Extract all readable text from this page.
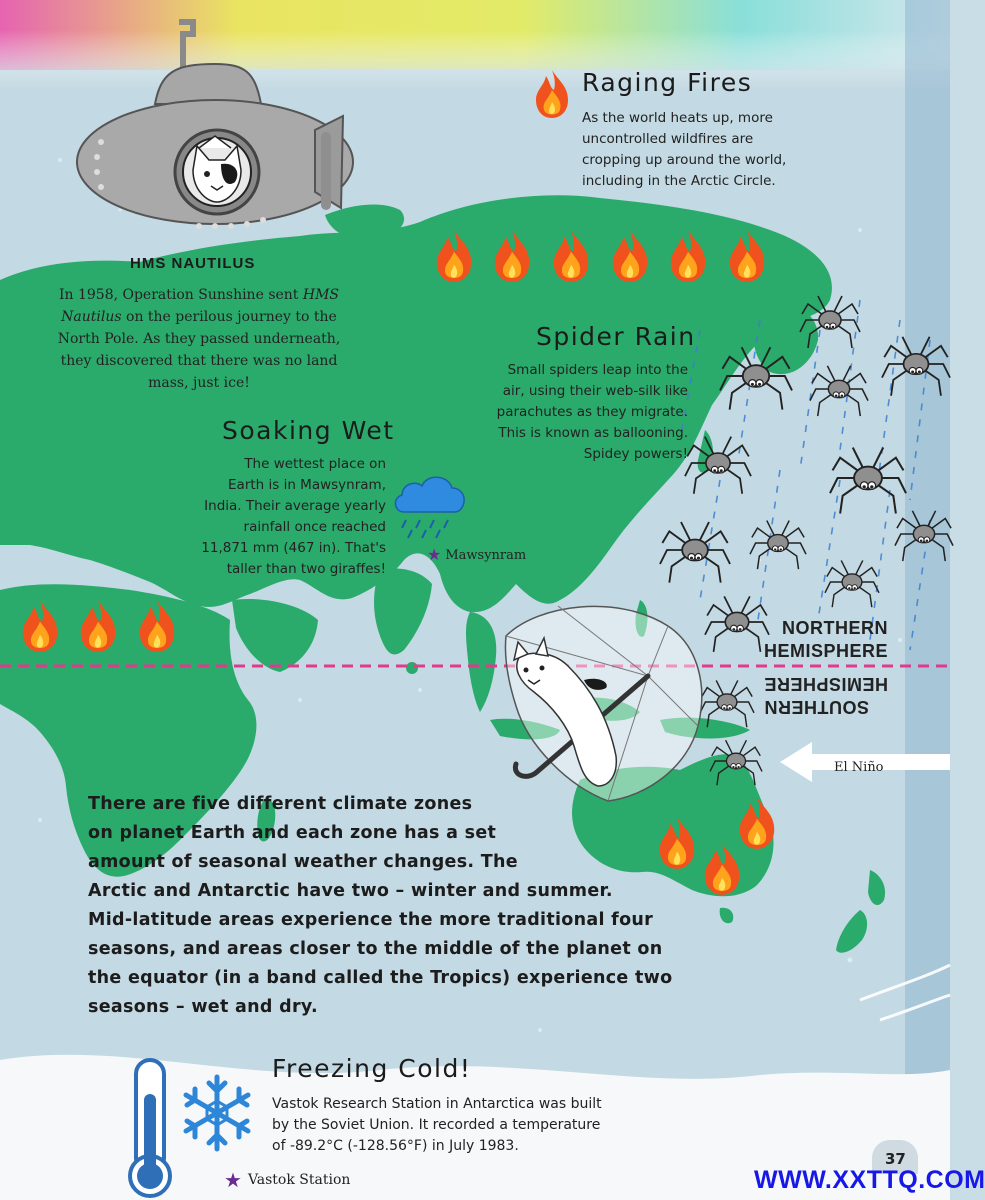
Raging Fires
As the world heats up, more
uncontrolled wildfires are
cropping up around the world,
including in the Arctic Circle.
HMS NAUTILUS
In 1958, Operation Sunshine sent HMS
Nautilus on the perilous journey to the
North Pole. As they passed underneath,
they discovered that there was no land
mass, just ice!
Spider Rain
Small spiders leap into the
air, using their web-silk like
parachutes as they migrate.
This is known as ballooning.
Spidey powers!
Soaking Wet
The wettest place on
Earth is in Mawsynram,
India. Their average yearly
rainfall once reached
11,871 mm (467 in). That's
taller than two giraffes!
★ Mawsynram
NORTHERN
HEMISPHERE
SOUTHERN
HEMISPHERE
El Niño
There are five different climate zones
on planet Earth and each zone has a set
amount of seasonal weather changes. The
Arctic and Antarctic have two – winter and summer.
Mid-latitude areas experience the more traditional four
seasons, and areas closer to the middle of the planet on
the equator (in a band called the Tropics) experience two
seasons – wet and dry.
Freezing Cold!
Vastok Research Station in Antarctica was built
by the Soviet Union. It recorded a temperature
of -89.2°C (-128.56°F) in July 1983.
★ Vastok Station
37
WWW.XXTTQ.COM
